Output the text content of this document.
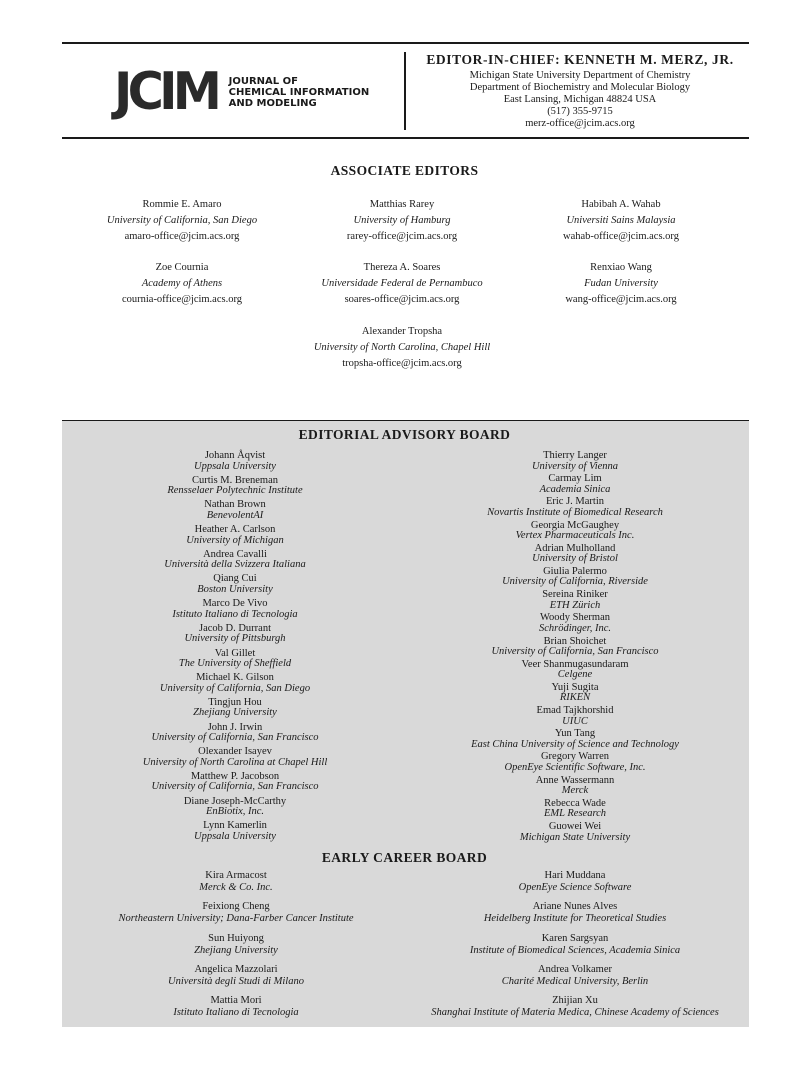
JCIM JOURNAL OF
CHEMICAL INFORMATION
AND MODELING
EDITOR-IN-CHIEF: KENNETH M. MERZ, JR.
Michigan State University Department of Chemistry
Department of Biochemistry and Molecular Biology
East Lansing, Michigan 48824 USA
(517) 355-9715
merz-office@jcim.acs.org
ASSOCIATE EDITORS
Rommie E. Amaro
University of California, San Diego
amaro-office@jcim.acs.org
Matthias Rarey
University of Hamburg
rarey-office@jcim.acs.org
Habibah A. Wahab
Universiti Sains Malaysia
wahab-office@jcim.acs.org
Zoe Cournia
Academy of Athens
cournia-office@jcim.acs.org
Thereza A. Soares
Universidade Federal de Pernambuco
soares-office@jcim.acs.org
Renxiao Wang
Fudan University
wang-office@jcim.acs.org
Alexander Tropsha
University of North Carolina, Chapel Hill
tropsha-office@jcim.acs.org
EDITORIAL ADVISORY BOARD
Johann Åqvist
Uppsala University
Curtis M. Breneman
Rensselaer Polytechnic Institute
Nathan Brown
BenevolentAI
Heather A. Carlson
University of Michigan
Andrea Cavalli
Università della Svizzera Italiana
Qiang Cui
Boston University
Marco De Vivo
Istituto Italiano di Tecnologia
Jacob D. Durrant
University of Pittsburgh
Val Gillet
The University of Sheffield
Michael K. Gilson
University of California, San Diego
Tingjun Hou
Zhejiang University
John J. Irwin
University of California, San Francisco
Olexander Isayev
University of North Carolina at Chapel Hill
Matthew P. Jacobson
University of California, San Francisco
Diane Joseph-McCarthy
EnBiotix, Inc.
Lynn Kamerlin
Uppsala University
Thierry Langer
University of Vienna
Carmay Lim
Academia Sinica
Eric J. Martin
Novartis Institute of Biomedical Research
Georgia McGaughey
Vertex Pharmaceuticals Inc.
Adrian Mulholland
University of Bristol
Giulia Palermo
University of California, Riverside
Sereina Riniker
ETH Zürich
Woody Sherman
Schrödinger, Inc.
Brian Shoichet
University of California, San Francisco
Veer Shanmugasundaram
Celgene
Yuji Sugita
RIKEN
Emad Tajkhorshid
UIUC
Yun Tang
East China University of Science and Technology
Gregory Warren
OpenEye Scientific Software, Inc.
Anne Wassermann
Merck
Rebecca Wade
EML Research
Guowei Wei
Michigan State University
EARLY CAREER BOARD
Kira Armacost
Merck & Co. Inc.
Feixiong Cheng
Northeastern University; Dana-Farber Cancer Institute
Sun Huiyong
Zhejiang University
Angelica Mazzolari
Università degli Studi di Milano
Mattia Mori
Istituto Italiano di Tecnologia
Hari Muddana
OpenEye Science Software
Ariane Nunes Alves
Heidelberg Institute for Theoretical Studies
Karen Sargsyan
Institute of Biomedical Sciences, Academia Sinica
Andrea Volkamer
Charité Medical University, Berlin
Zhijian Xu
Shanghai Institute of Materia Medica, Chinese Academy of Sciences
